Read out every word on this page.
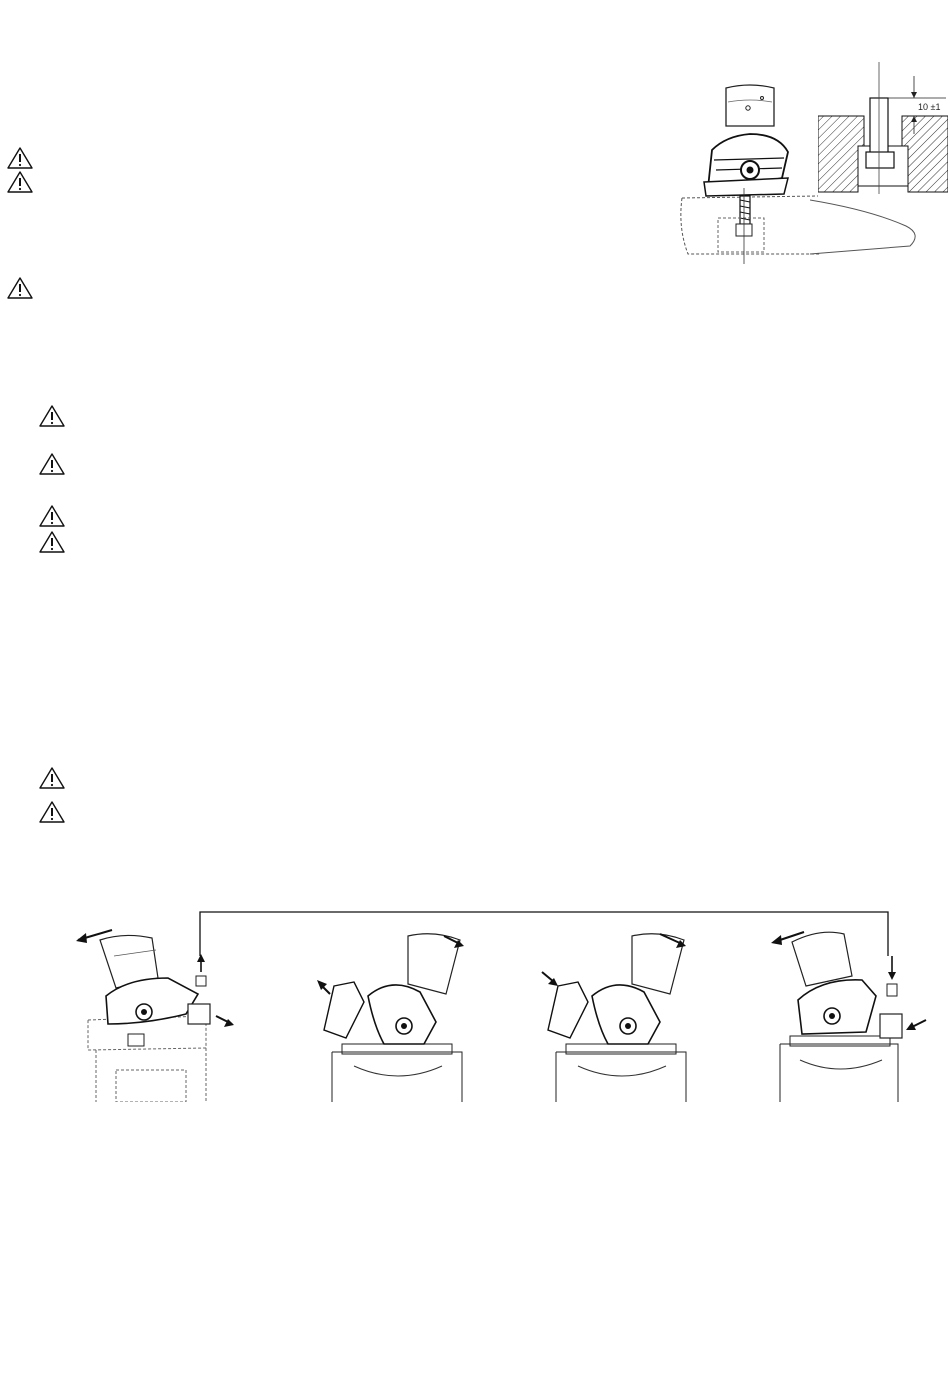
10 ±1
